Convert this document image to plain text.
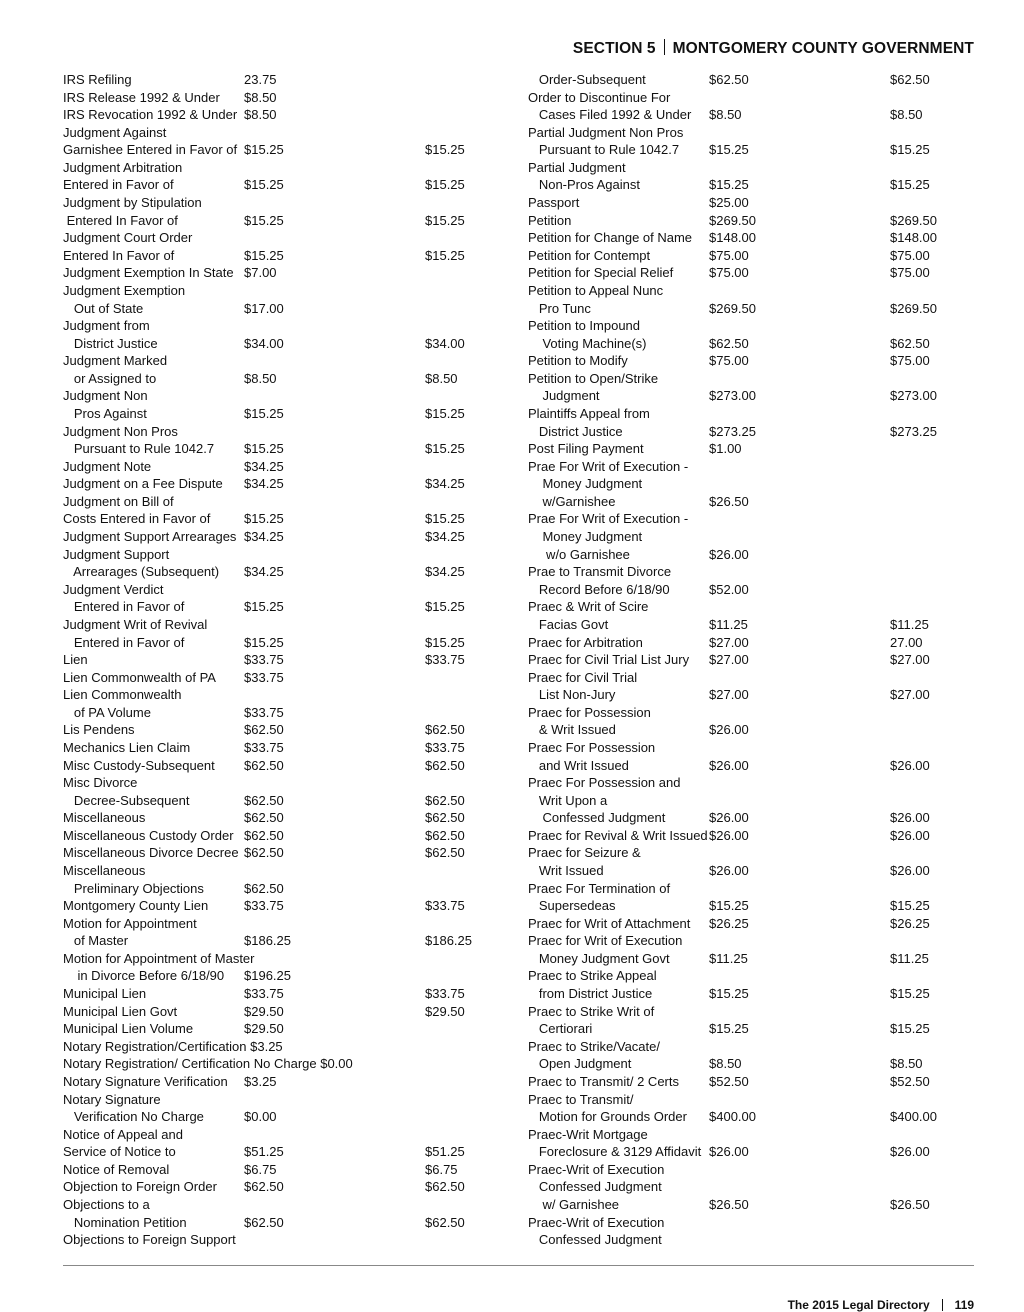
SECTION 5 MONTGOMERY COUNTY GOVERNMENT
IRS Refiling	23.75
IRS Release 1992 & Under $8.50
IRS Revocation 1992 & Under $8.50
Judgment Against
Garnishee Entered in Favor of $15.25	$15.25
Judgment Arbitration
Entered in Favor of	$15.25	$15.25
Judgment by Stipulation
Entered In Favor of	$15.25	$15.25
Judgment Court Order
Entered In Favor of	$15.25	$15.25
Judgment Exemption In State $7.00
Judgment Exemption
Out of State	$17.00
Judgment from
District Justice	$34.00	$34.00
Judgment Marked
or Assigned to	$8.50	$8.50
Judgment Non
Pros Against	$15.25	$15.25
Judgment Non Pros
Pursuant to Rule 1042.7 $15.25	$15.25
Judgment Note	$34.25
Judgment on a Fee Dispute $34.25	$34.25
Judgment on Bill of
Costs Entered in Favor of	$15.25	$15.25
Judgment Support Arrearages $34.25	$34.25
Judgment Support
Arrearages (Subsequent) $34.25	$34.25
Judgment Verdict
Entered in Favor of	$15.25	$15.25
Judgment Writ of Revival
Entered in Favor of	$15.25	$15.25
Lien	$33.75	$33.75
Lien Commonwealth of PA $33.75
Lien Commonwealth
of PA Volume	$33.75
Lis Pendens	$62.50	$62.50
Mechanics Lien Claim	$33.75	$33.75
Misc Custody-Subsequent $62.50	$62.50
Misc Divorce
Decree-Subsequent	$62.50	$62.50
Miscellaneous	$62.50	$62.50
Miscellaneous Custody Order $62.50	$62.50
Miscellaneous Divorce Decree $62.50	$62.50
Miscellaneous
Preliminary Objections	$62.50
Montgomery County Lien	$33.75	$33.75
Motion for Appointment
of Master	$186.25	$186.25
Motion for Appointment of Master
in Divorce Before 6/18/90 $196.25
Municipal Lien	$33.75	$33.75
Municipal Lien Govt	$29.50	$29.50
Municipal Lien Volume	$29.50
Notary Registration/Certification $3.25
Notary Registration/ Certification No Charge $0.00
Notary Signature Verification $3.25
Notary Signature
Verification No Charge	$0.00
Notice of Appeal and
Service of Notice to	$51.25	$51.25
Notice of Removal	$6.75	$6.75
Objection to Foreign Order $62.50	$62.50
Objections to a
Nomination Petition	$62.50	$62.50
Objections to Foreign Support
Order-Subsequent	$62.50	$62.50
Order to Discontinue For
Cases Filed 1992 & Under $8.50	$8.50
Partial Judgment Non Pros
Pursuant to Rule 1042.7 $15.25	$15.25
Partial Judgment
Non-Pros Against	$15.25	$15.25
Passport	$25.00
Petition	$269.50	$269.50
Petition for Change of Name $148.00	$148.00
Petition for Contempt	$75.00	$75.00
Petition for Special Relief	$75.00	$75.00
Petition to Appeal Nunc
Pro Tunc	$269.50	$269.50
Petition to Impound
Voting Machine(s)	$62.50	$62.50
Petition to Modify	$75.00	$75.00
Petition to Open/Strike
Judgment	$273.00	$273.00
Plaintiffs Appeal from
District Justice	$273.25	$273.25
Post Filing Payment	$1.00
Prae For Writ of Execution -
Money Judgment
w/Garnishee	$26.50
Prae For Writ of Execution -
Money Judgment
w/o Garnishee	$26.00
Prae to Transmit Divorce
Record Before 6/18/90	$52.00
Praec & Writ of Scire
Facias Govt	$11.25	$11.25
Praec for Arbitration	$27.00	27.00
Praec for Civil Trial List Jury $27.00	$27.00
Praec for Civil Trial
List Non-Jury	$27.00	$27.00
Praec for Possession
& Writ Issued	$26.00
Praec For Possession
and Writ Issued	$26.00	$26.00
Praec For Possession and
Writ Upon a
Confessed Judgment	$26.00	$26.00
Praec for Revival & Writ Issued $26.00	$26.00
Praec for Seizure &
Writ Issued	$26.00	$26.00
Praec For Termination of
Supersedeas	$15.25	$15.25
Praec for Writ of Attachment $26.25	$26.25
Praec for Writ of Execution
Money Judgment Govt	$11.25	$11.25
Praec to Strike Appeal
from District Justice	$15.25	$15.25
Praec to Strike Writ of
Certiorari	$15.25	$15.25
Praec to Strike/Vacate/
Open Judgment	$8.50	$8.50
Praec to Transmit/ 2 Certs $52.50	$52.50
Praec to Transmit/
Motion for Grounds Order $400.00	$400.00
Praec-Writ Mortgage
Foreclosure & 3129 Affidavit $26.00	$26.00
Praec-Writ of Execution
Confessed Judgment
w/ Garnishee	$26.50	$26.50
Praec-Writ of Execution
Confessed Judgment
The 2015 Legal Directory 119
